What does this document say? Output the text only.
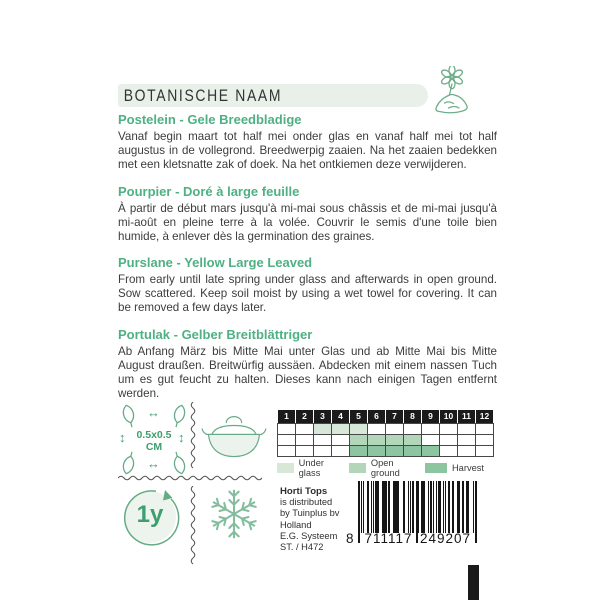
BOTANISCHE NAAM
Postelein - Gele Breedbladige

Vanaf begin maart tot half mei onder glas en vanaf half mei tot half augustus in de vollegrond. Breedwerpig zaaien. Na het zaaien bedekken met een kletsnatte zak of doek. Na het ontkiemen deze verwijderen.

Pourpier - Doré à large feuille

À partir de début mars jusqu'à mi-mai sous châssis et de mi-mai jusqu'à mi-août en pleine terre à la volée. Couvrir le semis d'une toile bien humide, à enlever dès la germination des graines.

Purslane - Yellow Large Leaved

From early until late spring under glass and afterwards in open ground. Sow scattered. Keep soil moist by using a wet towel for covering. It can be removed a few days later.

Portulak - Gelber Breitblättriger

Ab Anfang März bis Mitte Mai unter Glas und ab Mitte Mai bis Mitte August draußen. Breitwürfig aussäen. Abdecken mit einem nassen Tuch um es gut feucht zu halten. Dieses kann nach einigen Tagen entfernt werden.

↔
↔
↕	↕
0.5x0.5
CM
1y
1	2	3	4	5	6	7	8	9	10	11	12

Under glass
Open ground	Harvest
Horti Tops
is distributed
by Tuinplus bv
Holland
E.G. Systeem
ST. / H472
8 711117 249207
